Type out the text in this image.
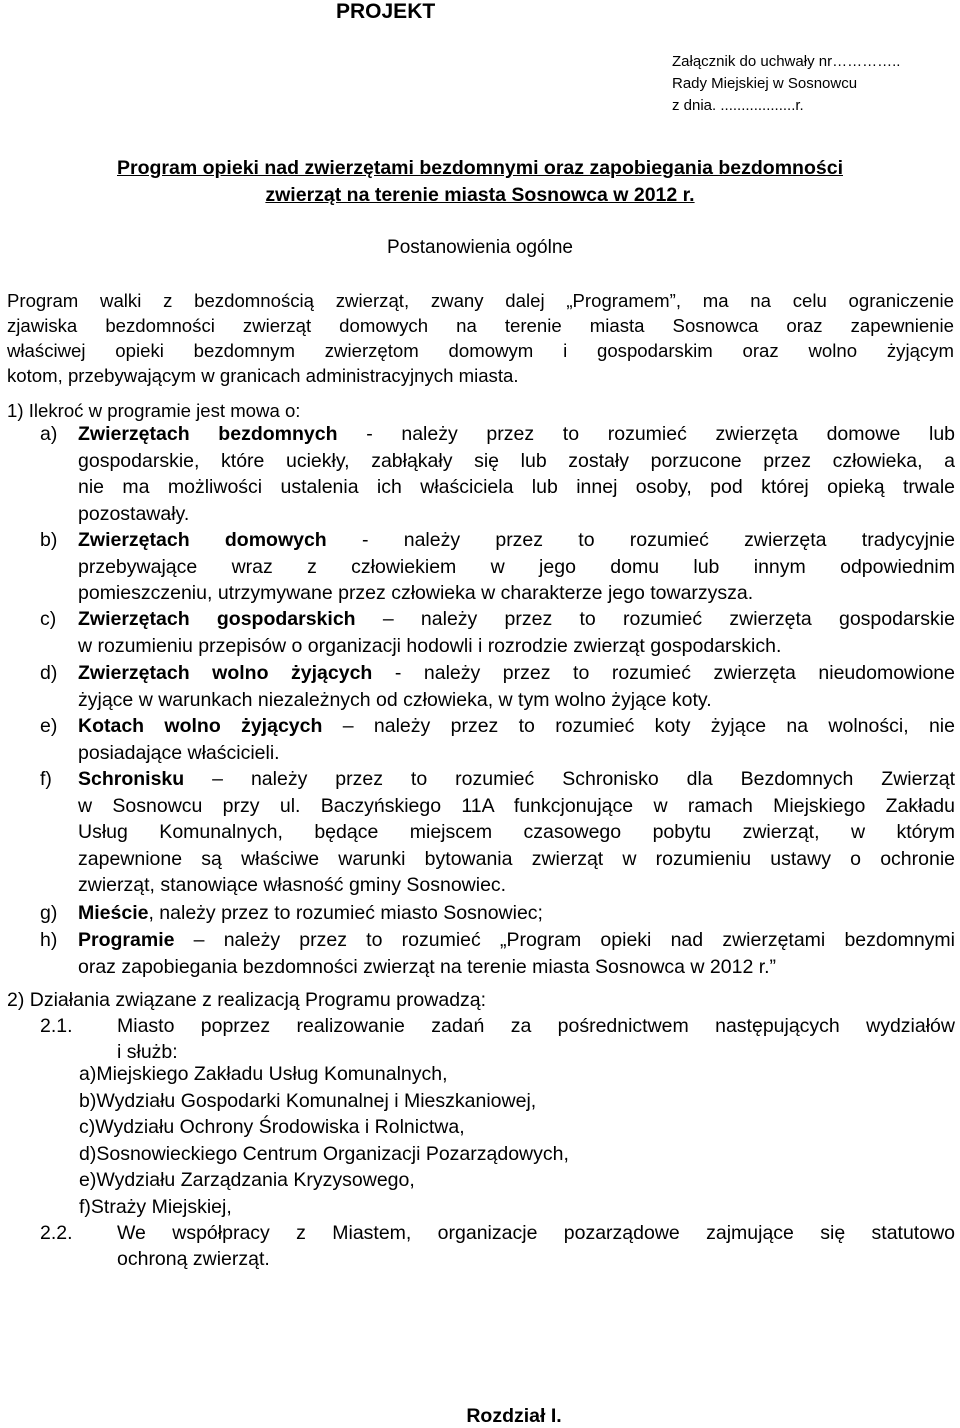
PROJEKT
Załącznik do uchwały nr…………..
Rady Miejskiej w Sosnowcu
z dnia. ..................r.
Program opieki nad zwierzętami bezdomnymi oraz zapobiegania bezdomności
zwierząt na terenie miasta Sosnowca w 2012 r.
Postanowienia ogólne
Program walki z bezdomnością zwierząt, zwany dalej „Programem”, ma na celu ograniczenie
zjawiska bezdomności zwierząt domowych na terenie miasta Sosnowca oraz zapewnienie
właściwej opieki bezdomnym zwierzętom domowym i gospodarskim oraz wolno żyjącym
kotom, przebywającym w granicach administracyjnych miasta.
1) Ilekroć w programie jest mowa o:
a) Zwierzętach bezdomnych - należy przez to rozumieć zwierzęta domowe lub
gospodarskie, które uciekły, zabłąkały się lub zostały porzucone przez człowieka, a
nie ma możliwości ustalenia ich właściciela lub innej osoby, pod której opieką trwale
pozostawały.
b) Zwierzętach domowych - należy przez to rozumieć zwierzęta tradycyjnie
przebywające wraz z człowiekiem w jego domu lub innym odpowiednim
pomieszczeniu, utrzymywane przez człowieka w charakterze jego towarzysza.
c) Zwierzętach gospodarskich – należy przez to rozumieć zwierzęta gospodarskie
w rozumieniu przepisów o organizacji hodowli i rozrodzie zwierząt gospodarskich.
d) Zwierzętach wolno żyjących - należy przez to rozumieć zwierzęta nieudomowione
żyjące w warunkach niezależnych od człowieka, w tym wolno żyjące koty.
e) Kotach wolno żyjących – należy przez to rozumieć koty żyjące na wolności, nie
posiadające właścicieli.
f) Schronisku – należy przez to rozumieć Schronisko dla Bezdomnych Zwierząt
w Sosnowcu przy ul. Baczyńskiego 11A funkcjonujące w ramach Miejskiego Zakładu
Usług Komunalnych, będące miejscem czasowego pobytu zwierząt, w którym
zapewnione są właściwe warunki bytowania zwierząt w rozumieniu ustawy o ochronie
zwierząt, stanowiące własność gminy Sosnowiec.
g) Mieście, należy przez to rozumieć miasto Sosnowiec;
h) Programie – należy przez to rozumieć „Program opieki nad zwierzętami bezdomnymi
oraz zapobiegania bezdomności zwierząt na terenie miasta Sosnowca w 2012 r.”
2) Działania związane z realizacją Programu prowadzą:
2.1. Miasto poprzez realizowanie zadań za pośrednictwem następujących wydziałów
i służb:
a)Miejskiego Zakładu Usług Komunalnych,
b)Wydziału Gospodarki Komunalnej i Mieszkaniowej,
c)Wydziału Ochrony Środowiska i Rolnictwa,
d)Sosnowieckiego Centrum Organizacji Pozarządowych,
e)Wydziału Zarządzania Kryzysowego,
f)Straży Miejskiej,
2.2. We współpracy z Miastem, organizacje pozarządowe zajmujące się statutowo
ochroną zwierząt.
Rozdział I.
